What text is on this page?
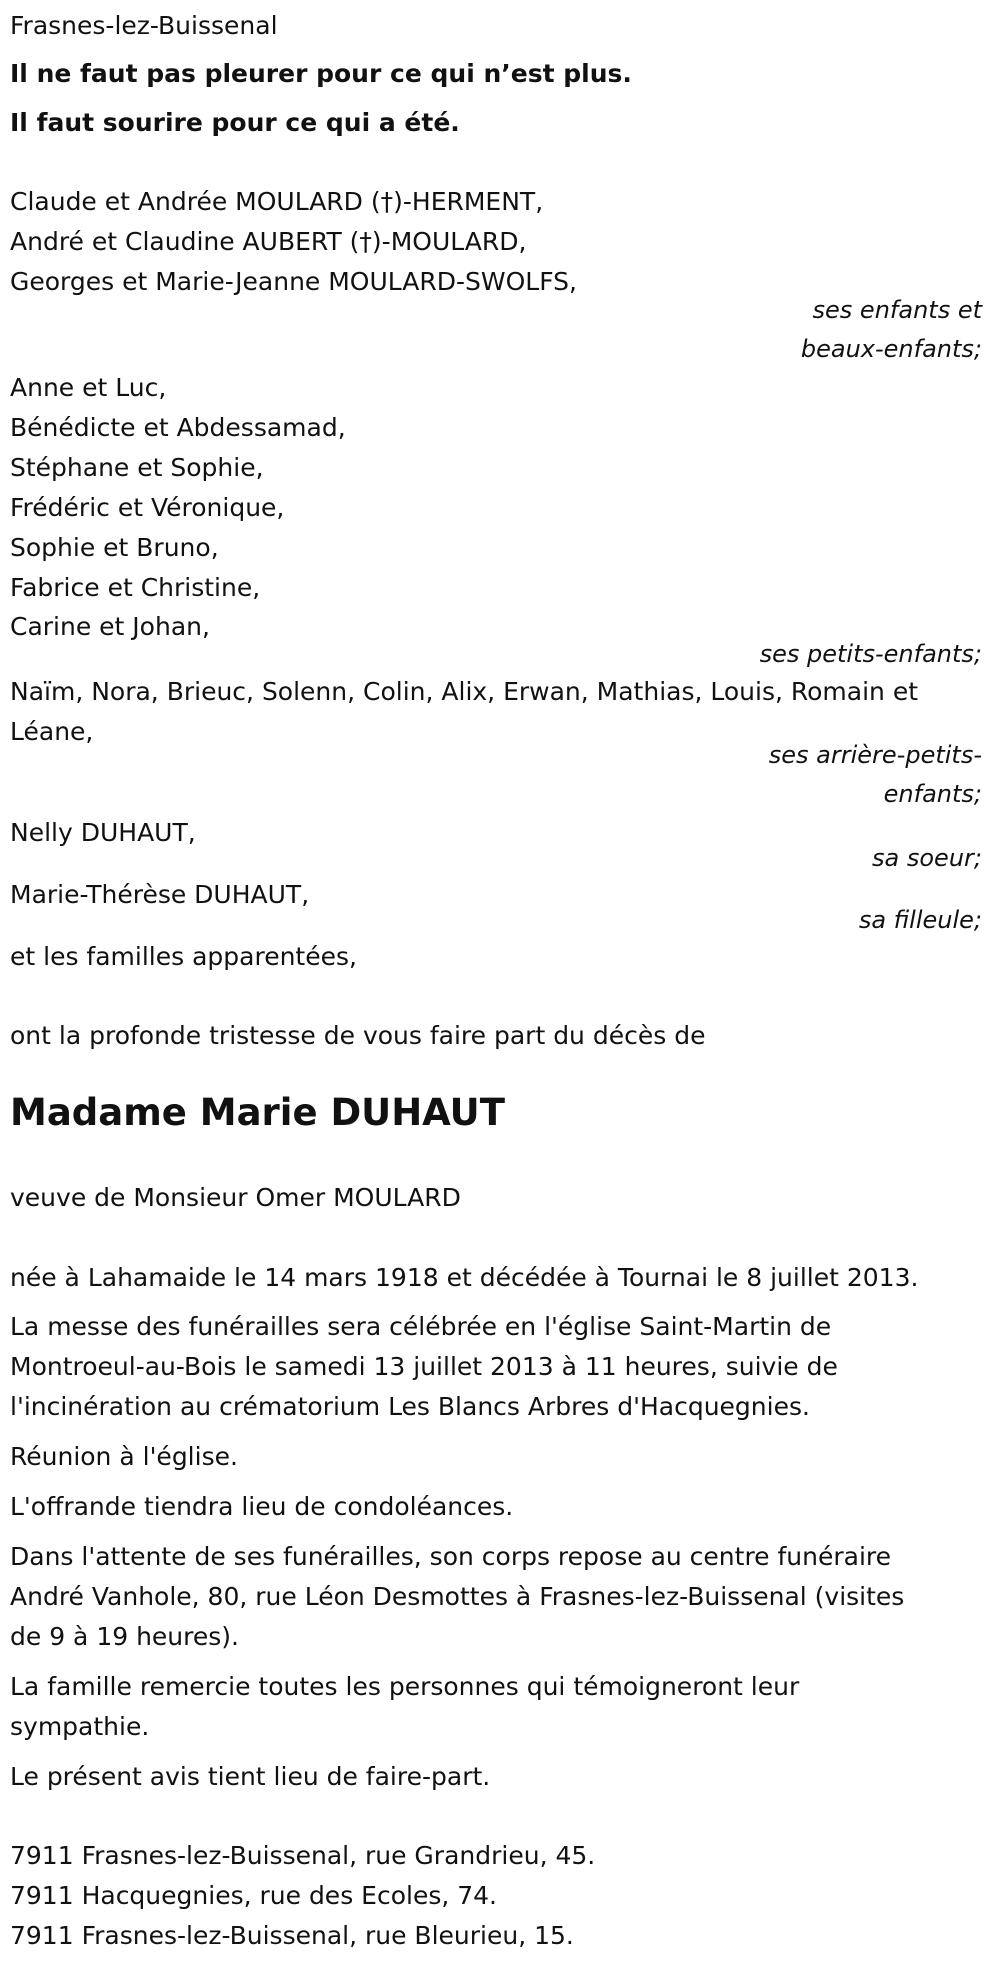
Frasnes-lez-Buissenal
Il ne faut pas pleurer pour ce qui n’est plus.
Il faut sourire pour ce qui a été.
Claude et Andrée MOULARD (†)-HERMENT,
André et Claudine AUBERT (†)-MOULARD,
Georges et Marie-Jeanne MOULARD-SWOLFS,
ses enfants et
beaux-enfants;
Anne et Luc,
Bénédicte et Abdessamad,
Stéphane et Sophie,
Frédéric et Véronique,
Sophie et Bruno,
Fabrice et Christine,
Carine et Johan,
ses petits-enfants;
Naïm, Nora, Brieuc, Solenn, Colin, Alix, Erwan, Mathias, Louis, Romain et
Léane,
ses arrière-petits-
enfants;
Nelly DUHAUT,
sa soeur;
Marie-Thérèse DUHAUT,
sa filleule;
et les familles apparentées,
ont la profonde tristesse de vous faire part du décès de
Madame Marie DUHAUT
veuve de Monsieur Omer MOULARD
née à Lahamaide le 14 mars 1918 et décédée à Tournai le 8 juillet 2013.
La messe des funérailles sera célébrée en l'église Saint-Martin de
Montroeul-au-Bois le samedi 13 juillet 2013 à 11 heures, suivie de
l'incinération au crématorium Les Blancs Arbres d'Hacquegnies.
Réunion à l'église.
L'offrande tiendra lieu de condoléances.
Dans l'attente de ses funérailles, son corps repose au centre funéraire
André Vanhole, 80, rue Léon Desmottes à Frasnes-lez-Buissenal (visites
de 9 à 19 heures).
La famille remercie toutes les personnes qui témoigneront leur
sympathie.
Le présent avis tient lieu de faire-part.
7911 Frasnes-lez-Buissenal, rue Grandrieu, 45.
7911 Hacquegnies, rue des Ecoles, 74.
7911 Frasnes-lez-Buissenal, rue Bleurieu, 15.
